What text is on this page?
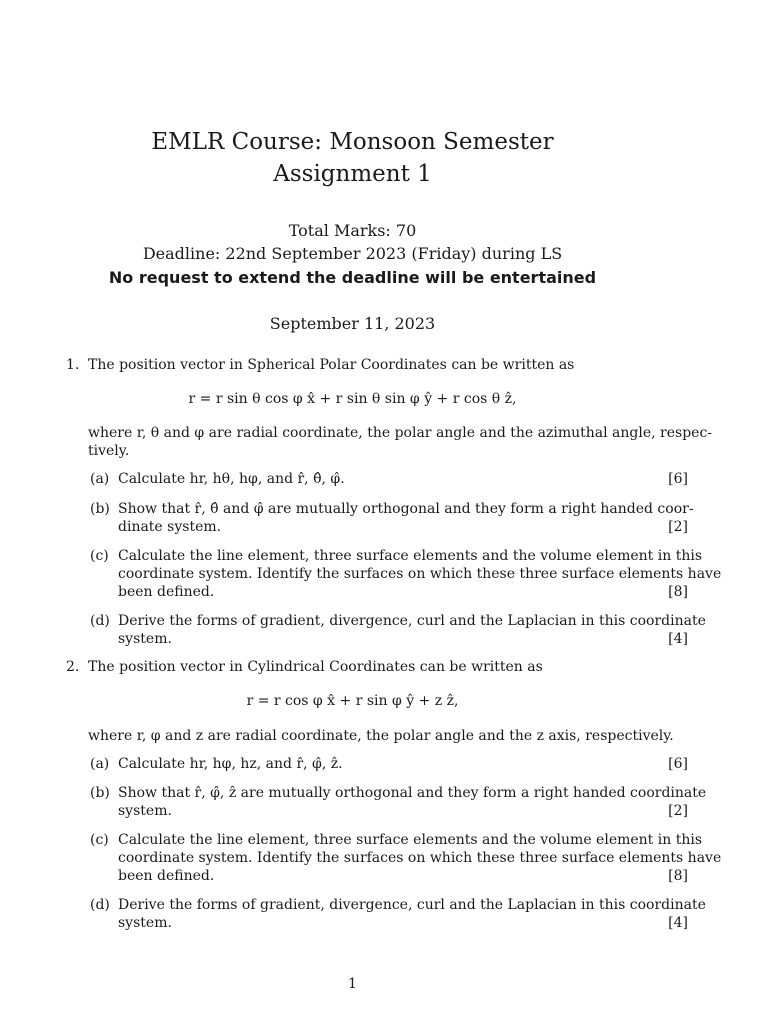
EMLR Course: Monsoon Semester
Assignment 1
Total Marks: 70
Deadline: 22nd September 2023 (Friday) during LS
No request to extend the deadline will be entertained
September 11, 2023
1. The position vector in Spherical Polar Coordinates can be written as
r = r sin θ cos φ x̂ + r sin θ sin φ ŷ + r cos θ ẑ,
where r, θ and φ are radial coordinate, the polar angle and the azimuthal angle, respec-
tively.
(a) Calculate hr, hθ, hφ, and r̂, θ̂, φ̂.	[6]
(b) Show that r̂, θ̂ and φ̂ are mutually orthogonal and they form a right handed coor-
dinate system.	[2]
(c) Calculate the line element, three surface elements and the volume element in this
coordinate system. Identify the surfaces on which these three surface elements have
been defined.	[8]
(d) Derive the forms of gradient, divergence, curl and the Laplacian in this coordinate
system.	[4]
2. The position vector in Cylindrical Coordinates can be written as
r = r cos φ x̂ + r sin φ ŷ + z ẑ,
where r, φ and z are radial coordinate, the polar angle and the z axis, respectively.
(a) Calculate hr, hφ, hz, and r̂, φ̂, ẑ.	[6]
(b) Show that r̂, φ̂, ẑ are mutually orthogonal and they form a right handed coordinate
system.	[2]
(c) Calculate the line element, three surface elements and the volume element in this
coordinate system. Identify the surfaces on which these three surface elements have
been defined.	[8]
(d) Derive the forms of gradient, divergence, curl and the Laplacian in this coordinate
system.	[4]
1
